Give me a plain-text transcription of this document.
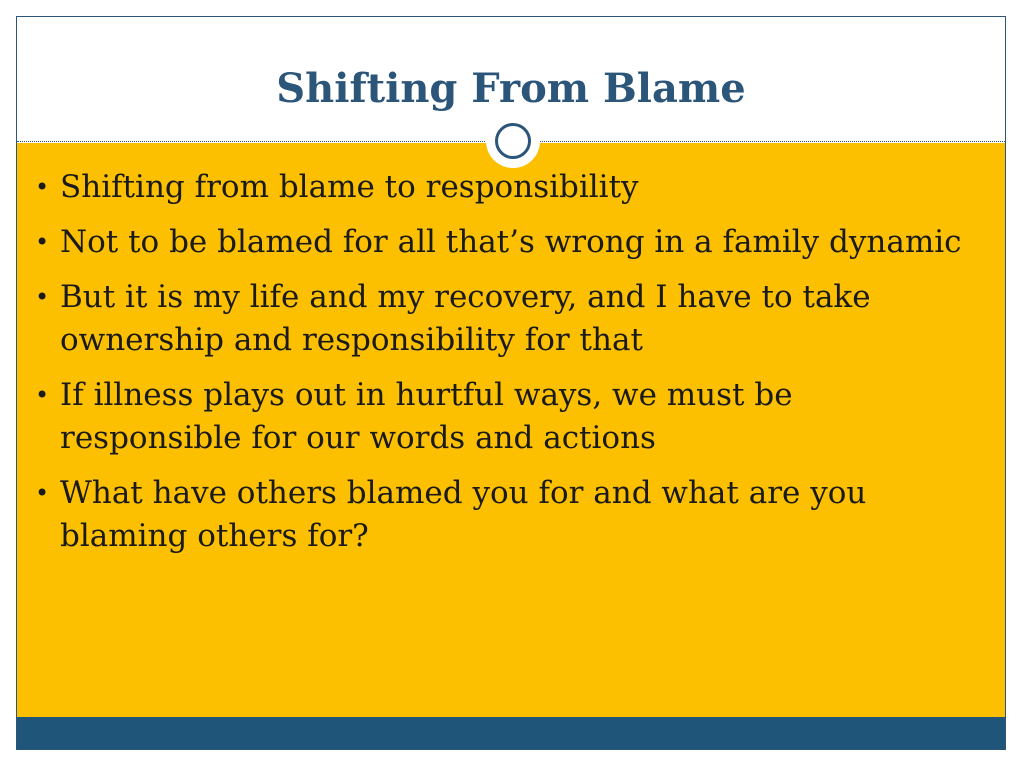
Shifting From Blame
•
Shifting from blame to responsibility
•
Not to be blamed for all that’s wrong in a family dynamic
•
But it is my life and my recovery, and I have to take ownership and responsibility for that
•
If illness plays out in hurtful ways, we must be responsible for our words and actions
•
What have others blamed you for and what are you blaming others for?
